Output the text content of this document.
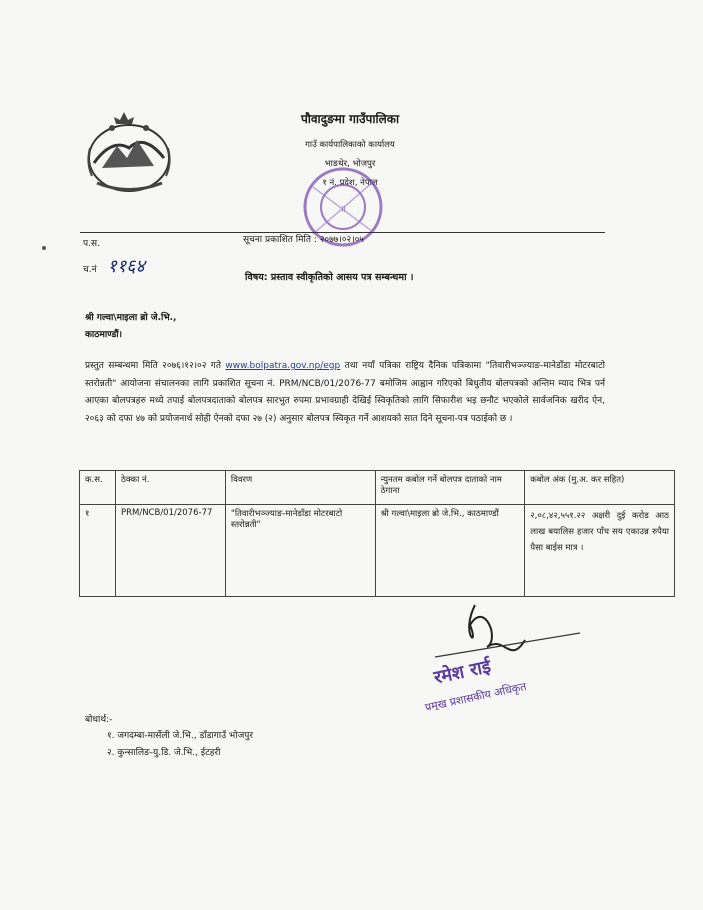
पौवादुङमा गाउँपालिका
गाउँ कार्यपालिकाको कार्यालय
भाङथेर, भोजपुर
१ नं. प्रदेश, नेपाल
॥
प.स.
च.नं ११६४
सूचना प्रकाशित मिति : २०७७।०२।०५
विषय: प्रस्ताव स्वीकृतिको आसय पत्र सम्बन्धमा ।
श्री गल्वा\माइला ब्रो जे.भि.,
काठमाण्डौं।
प्रस्तुत सम्बन्धमा मिति २०७६।१२।०२ गते www.bolpatra.gov.np/egp तथा नयाँ पत्रिका राष्ट्रिय दैनिक पत्रिकामा "तिवारीभञ्ज्याङ-मानेडाँडा मोटरबाटो स्तरोन्नती" आयोजना संचालनका लागि प्रकाशित सूचना नं. PRM/NCB/01/2076-77 बमोजिम आह्वान गरिएको बिधुतीय बोलपत्रको अन्तिम म्याद भित्र पर्न आएका बोलपत्रहरु मध्ये तपाई बोलपत्रदाताको बोलपत्र सारभुत रुपमा प्रभावग्राही देखिई स्विकृतिको लागि सिफारीश भइ छनौट भएकोले सार्वजनिक खरीद ऐन, २०६३ को दफा ४७ को प्रयोजनार्थ सोही ऐनको दफा २७ (२) अनुसार बोलपत्र स्विकृत गर्ने आशयको सात दिने सूचना-पत्र पठाईको छ ।
क.स.	ठेक्का नं.	विवरण	न्युनतम कबोल गर्ने बोलपत्र दाताको नाम ठेगाना	कबोल अंक (मु.अ. कर सहित)
१	PRM/NCB/01/2076-77	"तिवारीभञ्ज्याङ-मानेडाँडा मोटरबाटो स्तरोन्नती"	श्री गल्वा\माइला ब्रो जे.भि., काठमाण्डौं	२,०८,४२,५५१.२२ अक्षरी दुई करोड आठ लाख बयालिस हजार पाँच सय एकाउन्न रुपैया पैसा बाईस मात्र ।
रमेश राई
प्रमुख प्रशासकीय अधिकृत
बोधार्थ:-
१. जगदम्बा-मार्सेली जे.भि., डाँडागाउँ भोजपुर
२. कुन्सालिङ-यु.डि. जे.भि., ईटहरी
